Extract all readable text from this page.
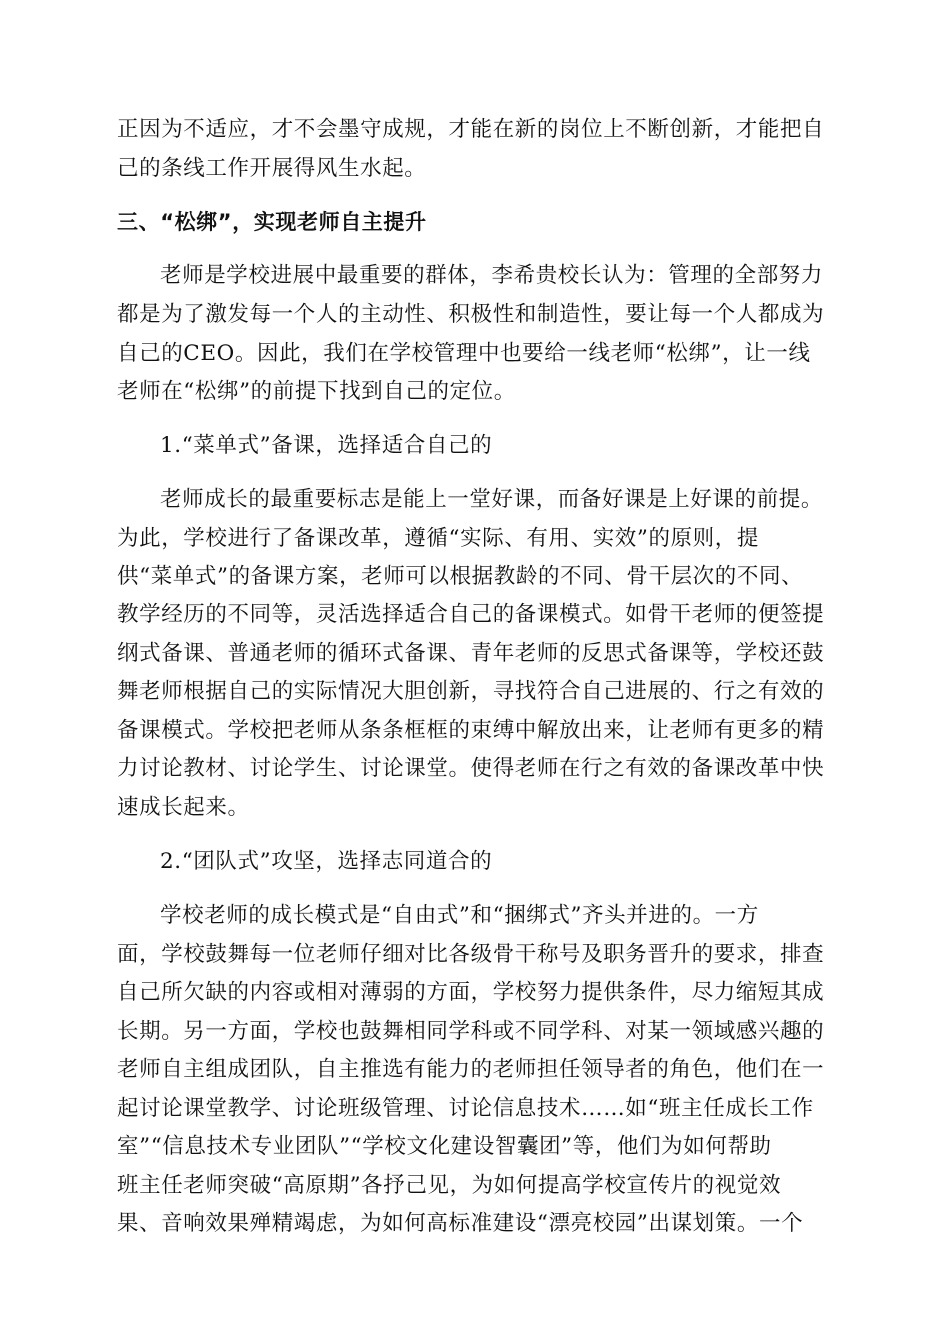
正因为不适应，才不会墨守成规，才能在新的岗位上不断创新，才能把自

己的条线工作开展得风生水起。

三、“松绑”，实现老师自主提升

老师是学校进展中最重要的群体，李希贵校长认为：管理的全部努力

都是为了激发每一个人的主动性、积极性和制造性，要让每一个人都成为

自己的CEO。因此，我们在学校管理中也要给一线老师“松绑”，让一线

老师在“松绑”的前提下找到自己的定位。

1.“菜单式”备课，选择适合自己的

老师成长的最重要标志是能上一堂好课，而备好课是上好课的前提。

为此，学校进行了备课改革，遵循“实际、有用、实效”的原则，提

供“菜单式”的备课方案，老师可以根据教龄的不同、骨干层次的不同、

教学经历的不同等，灵活选择适合自己的备课模式。如骨干老师的便签提

纲式备课、普通老师的循环式备课、青年老师的反思式备课等，学校还鼓

舞老师根据自己的实际情况大胆创新，寻找符合自己进展的、行之有效的

备课模式。学校把老师从条条框框的束缚中解放出来，让老师有更多的精

力讨论教材、讨论学生、讨论课堂。使得老师在行之有效的备课改革中快

速成长起来。

2.“团队式”攻坚，选择志同道合的

学校老师的成长模式是“自由式”和“捆绑式”齐头并进的。一方

面，学校鼓舞每一位老师仔细对比各级骨干称号及职务晋升的要求，排查

自己所欠缺的内容或相对薄弱的方面，学校努力提供条件，尽力缩短其成

长期。另一方面，学校也鼓舞相同学科或不同学科、对某一领域感兴趣的

老师自主组成团队，自主推选有能力的老师担任领导者的角色，他们在一

起讨论课堂教学、讨论班级管理、讨论信息技术……如“班主任成长工作

室”“信息技术专业团队”“学校文化建设智囊团”等，他们为如何帮助

班主任老师突破“高原期”各抒己见，为如何提高学校宣传片的视觉效

果、音响效果殚精竭虑，为如何高标准建设“漂亮校园”出谋划策。一个
